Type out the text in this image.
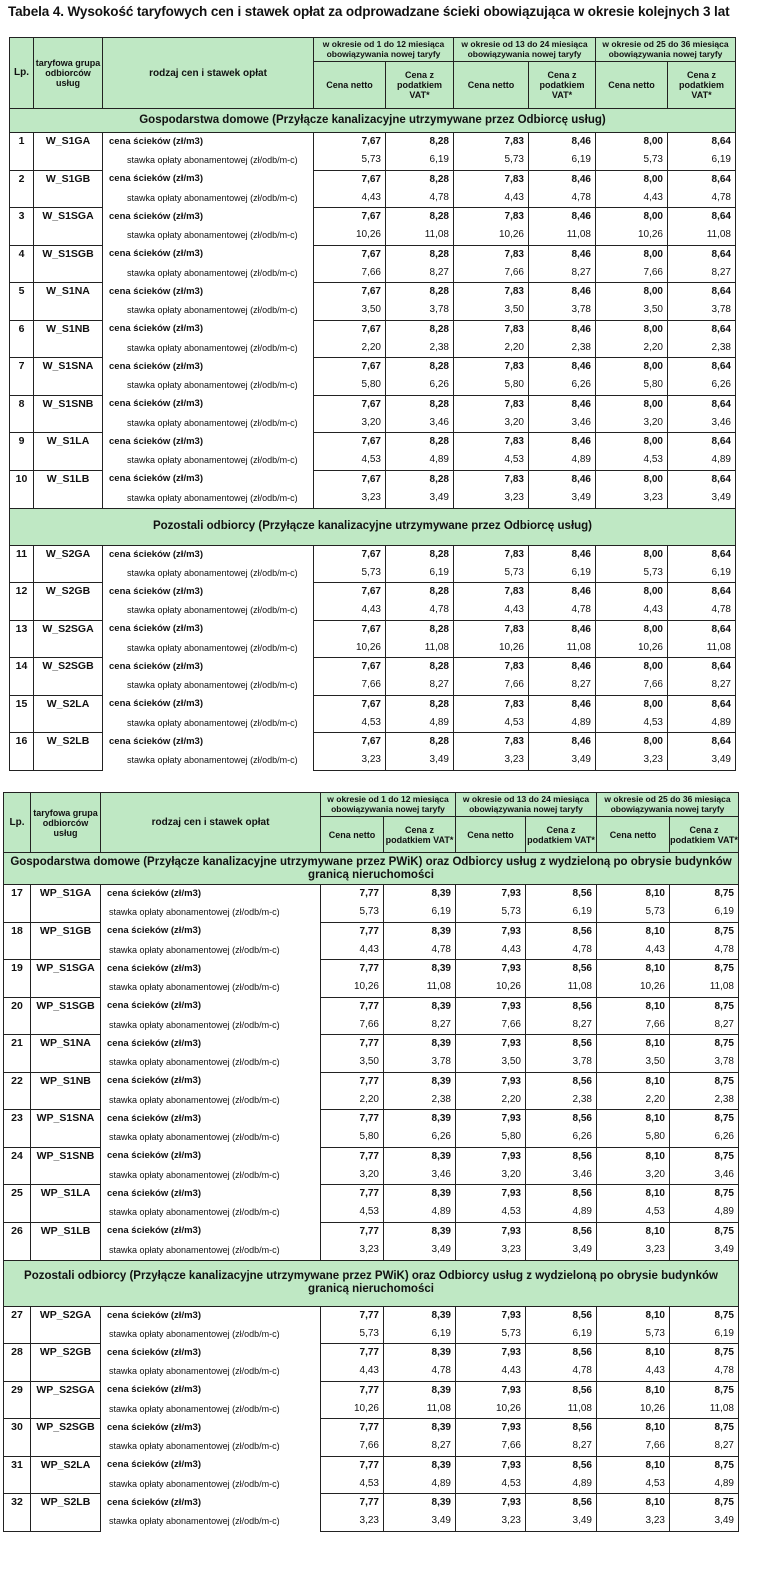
Tabela 4. Wysokość taryfowych cen i stawek opłat za odprowadzane ścieki obowiązująca w okresie kolejnych 3 lat
Lp.	taryfowa grupa odbiorców usług	rodzaj cen i stawek opłat	w okresie od 1 do 12 miesiąca obowiązywania nowej taryfy		w okresie od 13 do 24 miesiąca obowiązywania nowej taryfy		w okresie od 25 do 36 miesiąca obowiązywania nowej taryfy	
			Cena netto	Cena z podatkiem VAT*	Cena netto	Cena z podatkiem VAT*	Cena netto	Cena z podatkiem VAT*
Gospodarstwa domowe (Przyłącze kanalizacyjne utrzymywane przez Odbiorcę usług)								
1	W_S1GA	cena ścieków (zł/m3)	7,67	8,28	7,83	8,46	8,00	8,64
		stawka opłaty abonamentowej (zł/odb/m-c)	5,73	6,19	5,73	6,19	5,73	6,19
2	W_S1GB	cena ścieków (zł/m3)	7,67	8,28	7,83	8,46	8,00	8,64
		stawka opłaty abonamentowej (zł/odb/m-c)	4,43	4,78	4,43	4,78	4,43	4,78
3	W_S1SGA	cena ścieków (zł/m3)	7,67	8,28	7,83	8,46	8,00	8,64
		stawka opłaty abonamentowej (zł/odb/m-c)	10,26	11,08	10,26	11,08	10,26	11,08
4	W_S1SGB	cena ścieków (zł/m3)	7,67	8,28	7,83	8,46	8,00	8,64
		stawka opłaty abonamentowej (zł/odb/m-c)	7,66	8,27	7,66	8,27	7,66	8,27
5	W_S1NA	cena ścieków (zł/m3)	7,67	8,28	7,83	8,46	8,00	8,64
		stawka opłaty abonamentowej (zł/odb/m-c)	3,50	3,78	3,50	3,78	3,50	3,78
6	W_S1NB	cena ścieków (zł/m3)	7,67	8,28	7,83	8,46	8,00	8,64
		stawka opłaty abonamentowej (zł/odb/m-c)	2,20	2,38	2,20	2,38	2,20	2,38
7	W_S1SNA	cena ścieków (zł/m3)	7,67	8,28	7,83	8,46	8,00	8,64
		stawka opłaty abonamentowej (zł/odb/m-c)	5,80	6,26	5,80	6,26	5,80	6,26
8	W_S1SNB	cena ścieków (zł/m3)	7,67	8,28	7,83	8,46	8,00	8,64
		stawka opłaty abonamentowej (zł/odb/m-c)	3,20	3,46	3,20	3,46	3,20	3,46
9	W_S1LA	cena ścieków (zł/m3)	7,67	8,28	7,83	8,46	8,00	8,64
		stawka opłaty abonamentowej (zł/odb/m-c)	4,53	4,89	4,53	4,89	4,53	4,89
10	W_S1LB	cena ścieków (zł/m3)	7,67	8,28	7,83	8,46	8,00	8,64
		stawka opłaty abonamentowej (zł/odb/m-c)	3,23	3,49	3,23	3,49	3,23	3,49
Pozostali odbiorcy (Przyłącze kanalizacyjne utrzymywane przez Odbiorcę usług)								
11	W_S2GA	cena ścieków (zł/m3)	7,67	8,28	7,83	8,46	8,00	8,64
		stawka opłaty abonamentowej (zł/odb/m-c)	5,73	6,19	5,73	6,19	5,73	6,19
12	W_S2GB	cena ścieków (zł/m3)	7,67	8,28	7,83	8,46	8,00	8,64
		stawka opłaty abonamentowej (zł/odb/m-c)	4,43	4,78	4,43	4,78	4,43	4,78
13	W_S2SGA	cena ścieków (zł/m3)	7,67	8,28	7,83	8,46	8,00	8,64
		stawka opłaty abonamentowej (zł/odb/m-c)	10,26	11,08	10,26	11,08	10,26	11,08
14	W_S2SGB	cena ścieków (zł/m3)	7,67	8,28	7,83	8,46	8,00	8,64
		stawka opłaty abonamentowej (zł/odb/m-c)	7,66	8,27	7,66	8,27	7,66	8,27
15	W_S2LA	cena ścieków (zł/m3)	7,67	8,28	7,83	8,46	8,00	8,64
		stawka opłaty abonamentowej (zł/odb/m-c)	4,53	4,89	4,53	4,89	4,53	4,89
16	W_S2LB	cena ścieków (zł/m3)	7,67	8,28	7,83	8,46	8,00	8,64
		stawka opłaty abonamentowej (zł/odb/m-c)	3,23	3,49	3,23	3,49	3,23	3,49
Lp.	taryfowa grupa odbiorców usług	rodzaj cen i stawek opłat	w okresie od 1 do 12 miesiąca obowiązywania nowej taryfy		w okresie od 13 do 24 miesiąca obowiązywania nowej taryfy		w okresie od 25 do 36 miesiąca obowiązywania nowej taryfy	
			Cena netto	Cena z podatkiem VAT*	Cena netto	Cena z podatkiem VAT*	Cena netto	Cena z podatkiem VAT*
Gospodarstwa domowe (Przyłącze kanalizacyjne utrzymywane przez PWiK) oraz Odbiorcy usług z wydzieloną po obrysie budynków granicą nieruchomości								
17	WP_S1GA	cena ścieków (zł/m3)	7,77	8,39	7,93	8,56	8,10	8,75
		stawka opłaty abonamentowej (zł/odb/m-c)	5,73	6,19	5,73	6,19	5,73	6,19
18	WP_S1GB	cena ścieków (zł/m3)	7,77	8,39	7,93	8,56	8,10	8,75
		stawka opłaty abonamentowej (zł/odb/m-c)	4,43	4,78	4,43	4,78	4,43	4,78
19	WP_S1SGA	cena ścieków (zł/m3)	7,77	8,39	7,93	8,56	8,10	8,75
		stawka opłaty abonamentowej (zł/odb/m-c)	10,26	11,08	10,26	11,08	10,26	11,08
20	WP_S1SGB	cena ścieków (zł/m3)	7,77	8,39	7,93	8,56	8,10	8,75
		stawka opłaty abonamentowej (zł/odb/m-c)	7,66	8,27	7,66	8,27	7,66	8,27
21	WP_S1NA	cena ścieków (zł/m3)	7,77	8,39	7,93	8,56	8,10	8,75
		stawka opłaty abonamentowej (zł/odb/m-c)	3,50	3,78	3,50	3,78	3,50	3,78
22	WP_S1NB	cena ścieków (zł/m3)	7,77	8,39	7,93	8,56	8,10	8,75
		stawka opłaty abonamentowej (zł/odb/m-c)	2,20	2,38	2,20	2,38	2,20	2,38
23	WP_S1SNA	cena ścieków (zł/m3)	7,77	8,39	7,93	8,56	8,10	8,75
		stawka opłaty abonamentowej (zł/odb/m-c)	5,80	6,26	5,80	6,26	5,80	6,26
24	WP_S1SNB	cena ścieków (zł/m3)	7,77	8,39	7,93	8,56	8,10	8,75
		stawka opłaty abonamentowej (zł/odb/m-c)	3,20	3,46	3,20	3,46	3,20	3,46
25	WP_S1LA	cena ścieków (zł/m3)	7,77	8,39	7,93	8,56	8,10	8,75
		stawka opłaty abonamentowej (zł/odb/m-c)	4,53	4,89	4,53	4,89	4,53	4,89
26	WP_S1LB	cena ścieków (zł/m3)	7,77	8,39	7,93	8,56	8,10	8,75
		stawka opłaty abonamentowej (zł/odb/m-c)	3,23	3,49	3,23	3,49	3,23	3,49
Pozostali odbiorcy (Przyłącze kanalizacyjne utrzymywane przez PWiK) oraz Odbiorcy usług z wydzieloną po obrysie budynków granicą nieruchomości								
27	WP_S2GA	cena ścieków (zł/m3)	7,77	8,39	7,93	8,56	8,10	8,75
		stawka opłaty abonamentowej (zł/odb/m-c)	5,73	6,19	5,73	6,19	5,73	6,19
28	WP_S2GB	cena ścieków (zł/m3)	7,77	8,39	7,93	8,56	8,10	8,75
		stawka opłaty abonamentowej (zł/odb/m-c)	4,43	4,78	4,43	4,78	4,43	4,78
29	WP_S2SGA	cena ścieków (zł/m3)	7,77	8,39	7,93	8,56	8,10	8,75
		stawka opłaty abonamentowej (zł/odb/m-c)	10,26	11,08	10,26	11,08	10,26	11,08
30	WP_S2SGB	cena ścieków (zł/m3)	7,77	8,39	7,93	8,56	8,10	8,75
		stawka opłaty abonamentowej (zł/odb/m-c)	7,66	8,27	7,66	8,27	7,66	8,27
31	WP_S2LA	cena ścieków (zł/m3)	7,77	8,39	7,93	8,56	8,10	8,75
		stawka opłaty abonamentowej (zł/odb/m-c)	4,53	4,89	4,53	4,89	4,53	4,89
32	WP_S2LB	cena ścieków (zł/m3)	7,77	8,39	7,93	8,56	8,10	8,75
		stawka opłaty abonamentowej (zł/odb/m-c)	3,23	3,49	3,23	3,49	3,23	3,49
